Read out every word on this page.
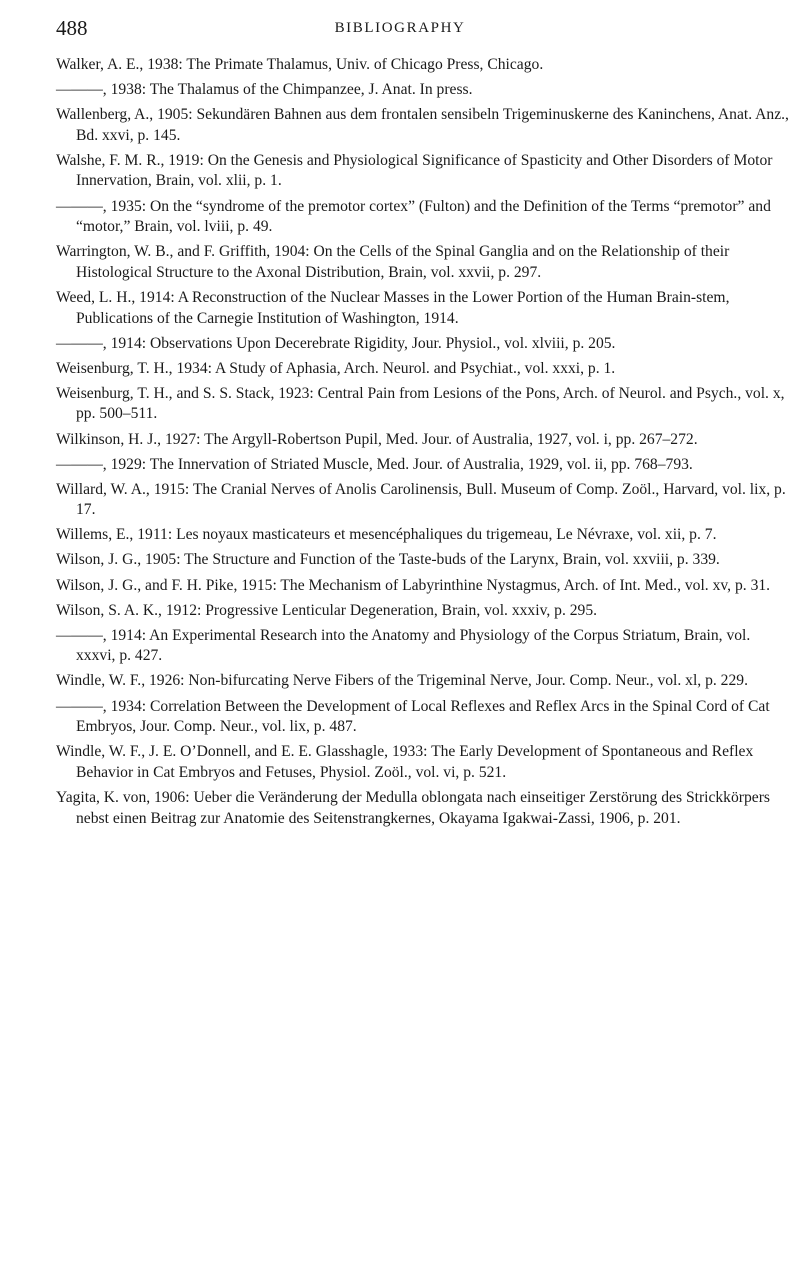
488	BIBLIOGRAPHY
Walker, A. E., 1938: The Primate Thalamus, Univ. of Chicago Press, Chicago.
———, 1938: The Thalamus of the Chimpanzee, J. Anat. In press.
Wallenberg, A., 1905: Sekundären Bahnen aus dem frontalen sensibeln Trigeminuskerne des Kaninchens, Anat. Anz., Bd. xxvi, p. 145.
Walshe, F. M. R., 1919: On the Genesis and Physiological Significance of Spasticity and Other Disorders of Motor Innervation, Brain, vol. xlii, p. 1.
———, 1935: On the “syndrome of the premotor cortex” (Fulton) and the Definition of the Terms “premotor” and “motor,” Brain, vol. lviii, p. 49.
Warrington, W. B., and F. Griffith, 1904: On the Cells of the Spinal Ganglia and on the Relationship of their Histological Structure to the Axonal Distribution, Brain, vol. xxvii, p. 297.
Weed, L. H., 1914: A Reconstruction of the Nuclear Masses in the Lower Portion of the Human Brain-stem, Publications of the Carnegie Institution of Washington, 1914.
———, 1914: Observations Upon Decerebrate Rigidity, Jour. Physiol., vol. xlviii, p. 205.
Weisenburg, T. H., 1934: A Study of Aphasia, Arch. Neurol. and Psychiat., vol. xxxi, p. 1.
Weisenburg, T. H., and S. S. Stack, 1923: Central Pain from Lesions of the Pons, Arch. of Neurol. and Psych., vol. x, pp. 500–511.
Wilkinson, H. J., 1927: The Argyll-Robertson Pupil, Med. Jour. of Australia, 1927, vol. i, pp. 267–272.
———, 1929: The Innervation of Striated Muscle, Med. Jour. of Australia, 1929, vol. ii, pp. 768–793.
Willard, W. A., 1915: The Cranial Nerves of Anolis Carolinensis, Bull. Museum of Comp. Zoöl., Harvard, vol. lix, p. 17.
Willems, E., 1911: Les noyaux masticateurs et mesencéphaliques du trigemeau, Le Névraxe, vol. xii, p. 7.
Wilson, J. G., 1905: The Structure and Function of the Taste-buds of the Larynx, Brain, vol. xxviii, p. 339.
Wilson, J. G., and F. H. Pike, 1915: The Mechanism of Labyrinthine Nystagmus, Arch. of Int. Med., vol. xv, p. 31.
Wilson, S. A. K., 1912: Progressive Lenticular Degeneration, Brain, vol. xxxiv, p. 295.
———, 1914: An Experimental Research into the Anatomy and Physiology of the Corpus Striatum, Brain, vol. xxxvi, p. 427.
Windle, W. F., 1926: Non-bifurcating Nerve Fibers of the Trigeminal Nerve, Jour. Comp. Neur., vol. xl, p. 229.
———, 1934: Correlation Between the Development of Local Reflexes and Reflex Arcs in the Spinal Cord of Cat Embryos, Jour. Comp. Neur., vol. lix, p. 487.
Windle, W. F., J. E. O’Donnell, and E. E. Glasshagle, 1933: The Early Development of Spontaneous and Reflex Behavior in Cat Embryos and Fetuses, Physiol. Zoöl., vol. vi, p. 521.
Yagita, K. von, 1906: Ueber die Veränderung der Medulla oblongata nach einseitiger Zerstörung des Strickkörpers nebst einen Beitrag zur Anatomie des Seitenstrangkernes, Okayama Igakwai-Zassi, 1906, p. 201.
